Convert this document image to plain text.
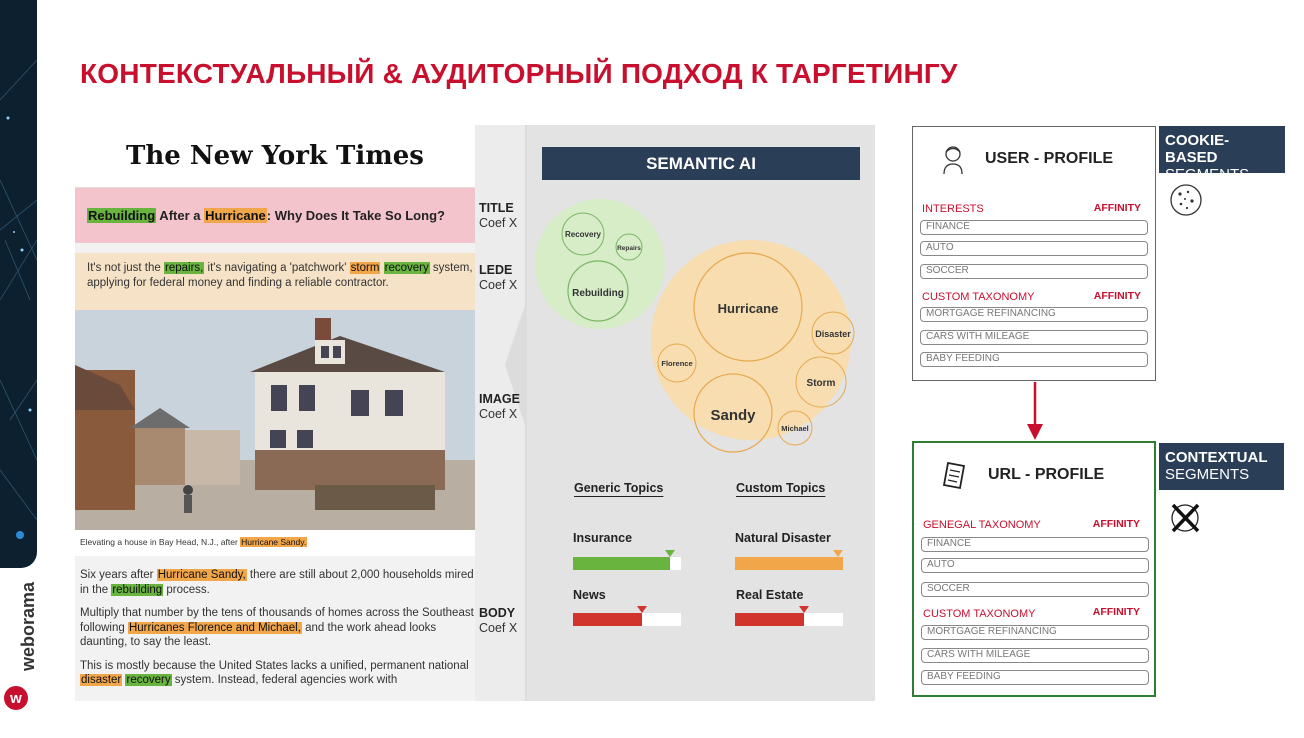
weborama
w
КОНТЕКСТУАЛЬНЫЙ & АУДИТОРНЫЙ ПОДХОД К ТАРГЕТИНГУ
The New York Times
Rebuilding After a Hurricane: Why Does It Take So Long?
It's not just the repairs, it's navigating a 'patchwork' storm recovery system, applying for federal money and finding a reliable contractor.
Elevating a house in Bay Head, N.J., after Hurricane Sandy.

Six years after Hurricane Sandy, there are still about 2,000 households mired in the rebuilding process.

Multiply that number by the tens of thousands of homes across the Southeast following Hurricanes Florence and Michael, and the work ahead looks daunting, to say the least.

This is mostly because the United States lacks a unified, permanent national disaster recovery system. Instead, federal agencies work with

TITLE
Coef X
LEDE
Coef X
IMAGE
Coef X
BODY
Coef X
SEMANTIC AI
Recovery
Repairs
Rebuilding
Hurricane
Disaster
Florence
Storm
Sandy
Michael
Generic Topics	Custom Topics
Insurance
News
Natural Disaster
Real Estate
USER - PROFILE
INTERESTS	AFFINITY
FINANCE
AUTO
SOCCER
CUSTOM TAXONOMY	AFFINITY
MORTGAGE REFINANCING
CARS WITH MILEAGE
BABY FEEDING
COOKIE-BASED
SEGMENTS
URL - PROFILE
GENEGAL TAXONOMY	AFFINITY
FINANCE
AUTO
SOCCER
CUSTOM TAXONOMY	AFFINITY
MORTGAGE REFINANCING
CARS WITH MILEAGE
BABY FEEDING
CONTEXTUAL
SEGMENTS
